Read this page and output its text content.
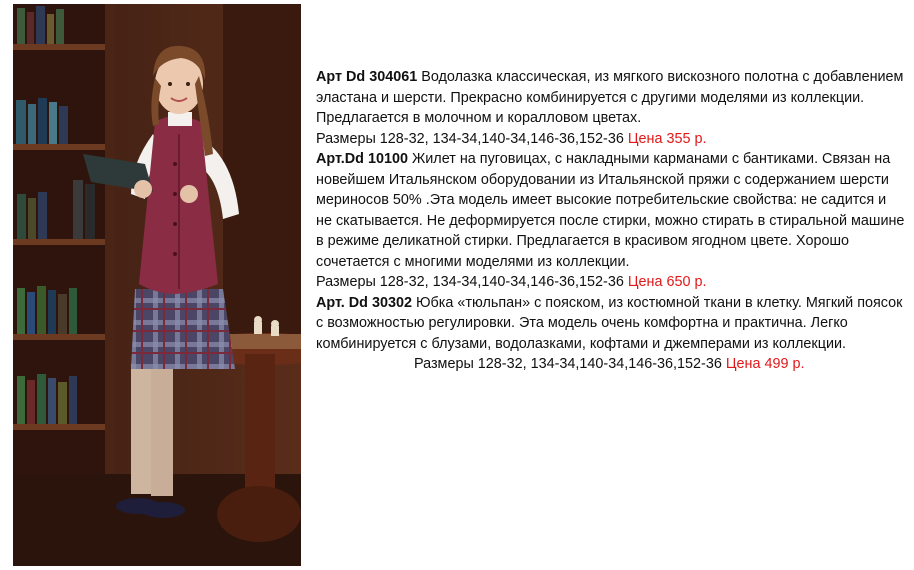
Арт Dd 304061 Водолазка классическая, из мягкого вискозного полотна с добавлением эластана и шерсти. Прекрасно комбинируется с другими моделями из коллекции. Предлагается в молочном и коралловом цветах.
Размеры 128-32, 134-34,140-34,146-36,152-36 Цена 355 р.

Арт.Dd 10100 Жилет на пуговицах, с накладными карманами с бантиками. Связан на новейшем Итальянском оборудовании из Итальянской пряжи с содержанием шерсти мериносов 50% .Эта модель имеет высокие потребительские свойства: не садится и не скатывается. Не деформируется после стирки, можно стирать в стиральной машине в режиме деликатной стирки. Предлагается в красивом ягодном цвете. Хорошо сочетается с многими моделями из коллекции.
Размеры 128-32, 134-34,140-34,146-36,152-36 Цена 650 р.

Арт. Dd 30302 Юбка «тюльпан» с пояском, из костюмной ткани в клетку. Мягкий поясок с возможностью регулировки. Эта модель очень комфортна и практична. Легко комбинируется с блузами, водолазками, кофтами и джемперами из коллекции.

Размеры 128-32, 134-34,140-34,146-36,152-36 Цена 499 р.
